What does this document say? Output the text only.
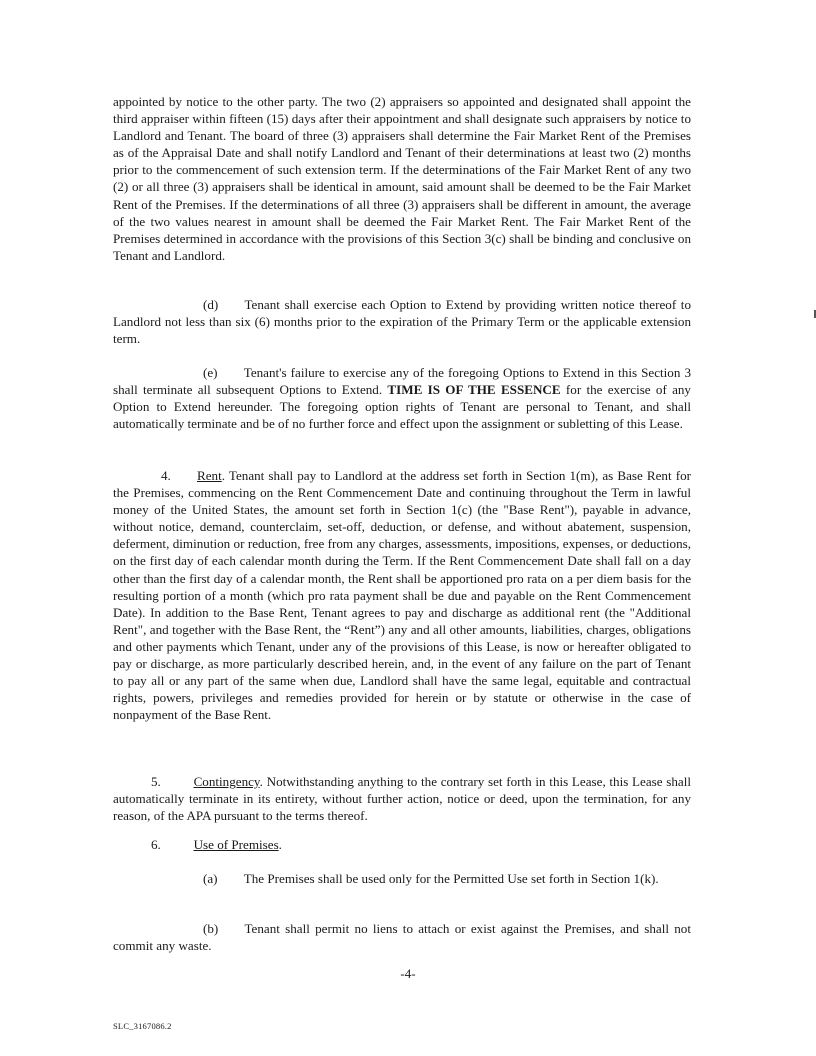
appointed by notice to the other party. The two (2) appraisers so appointed and designated shall appoint the third appraiser within fifteen (15) days after their appointment and shall designate such appraisers by notice to Landlord and Tenant. The board of three (3) appraisers shall determine the Fair Market Rent of the Premises as of the Appraisal Date and shall notify Landlord and Tenant of their determinations at least two (2) months prior to the commencement of such extension term. If the determinations of the Fair Market Rent of any two (2) or all three (3) appraisers shall be identical in amount, said amount shall be deemed to be the Fair Market Rent of the Premises. If the determinations of all three (3) appraisers shall be different in amount, the average of the two values nearest in amount shall be deemed the Fair Market Rent. The Fair Market Rent of the Premises determined in accordance with the provisions of this Section 3(c) shall be binding and conclusive on Tenant and Landlord.

(d)   Tenant shall exercise each Option to Extend by providing written notice thereof to Landlord not less than six (6) months prior to the expiration of the Primary Term or the applicable extension term.

(e)   Tenant's failure to exercise any of the foregoing Options to Extend in this Section 3 shall terminate all subsequent Options to Extend. TIME IS OF THE ESSENCE for the exercise of any Option to Extend hereunder. The foregoing option rights of Tenant are personal to Tenant, and shall automatically terminate and be of no further force and effect upon the assignment or subletting of this Lease.

4.   Rent. Tenant shall pay to Landlord at the address set forth in Section 1(m), as Base Rent for the Premises, commencing on the Rent Commencement Date and continuing throughout the Term in lawful money of the United States, the amount set forth in Section 1(c) (the "Base Rent"), payable in advance, without notice, demand, counterclaim, set-off, deduction, or defense, and without abatement, suspension, deferment, diminution or reduction, free from any charges, assessments, impositions, expenses, or deductions, on the first day of each calendar month during the Term. If the Rent Commencement Date shall fall on a day other than the first day of a calendar month, the Rent shall be apportioned pro rata on a per diem basis for the resulting portion of a month (which pro rata payment shall be due and payable on the Rent Commencement Date). In addition to the Base Rent, Tenant agrees to pay and discharge as additional rent (the "Additional Rent", and together with the Base Rent, the “Rent”) any and all other amounts, liabilities, charges, obligations and other payments which Tenant, under any of the provisions of this Lease, is now or hereafter obligated to pay or discharge, as more particularly described herein, and, in the event of any failure on the part of Tenant to pay all or any part of the same when due, Landlord shall have the same legal, equitable and contractual rights, powers, privileges and remedies provided for herein or by statute or otherwise in the case of nonpayment of the Base Rent.

5.    Contingency. Notwithstanding anything to the contrary set forth in this Lease, this Lease shall automatically terminate in its entirety, without further action, notice or deed, upon the termination, for any reason, of the APA pursuant to the terms thereof.

6.    Use of Premises.

(a)   The Premises shall be used only for the Permitted Use set forth in Section 1(k).

(b)   Tenant shall permit no liens to attach or exist against the Premises, and shall not commit any waste.

-4-
SLC_3167086.2
